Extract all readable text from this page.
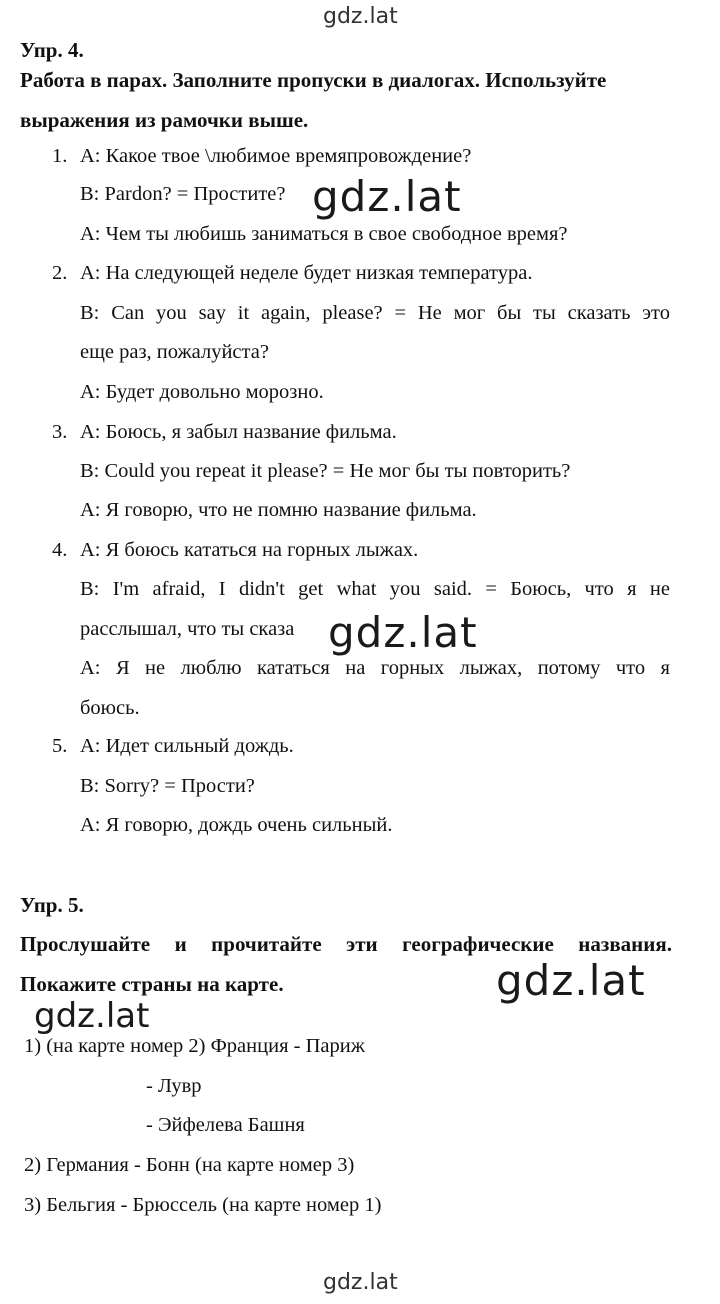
gdz.lat
Упр. 4.
Работа в парах. Заполните пропуски в диалогах. Используйте
выражения из рамочки выше.
1. A: Какое твое \любимое времяпровождение?
B: Pardon? = Простите?
A: Чем ты любишь заниматься в свое свободное время?
gdz.lat
2. A: На следующей неделе будет низкая температура.
B: Can you say it again, please? = Не мог бы ты сказать это
еще раз, пожалуйста?
A: Будет довольно морозно.
3. A: Боюсь, я забыл название фильма.
B: Could you repeat it please? = Не мог бы ты повторить?
A: Я говорю, что не помню название фильма.
4. A: Я боюсь кататься на горных лыжах.
B: I'm afraid, I didn't get what you said. = Боюсь, что я не
расслышал, что ты сказа
A: Я не люблю кататься на горных лыжах, потому что я
боюсь.
gdz.lat
5. A: Идет сильный дождь.
B: Sorry? = Прости?
A: Я говорю, дождь очень сильный.
Упр. 5.
Прослушайте и прочитайте эти географические названия.
Покажите страны на карте.	gdz.lat
gdz.lat
1) (на карте номер 2) Франция - Париж
- Лувр
- Эйфелева Башня
2) Германия - Бонн (на карте номер 3)
3) Бельгия - Брюссель (на карте номер 1)
gdz.lat
